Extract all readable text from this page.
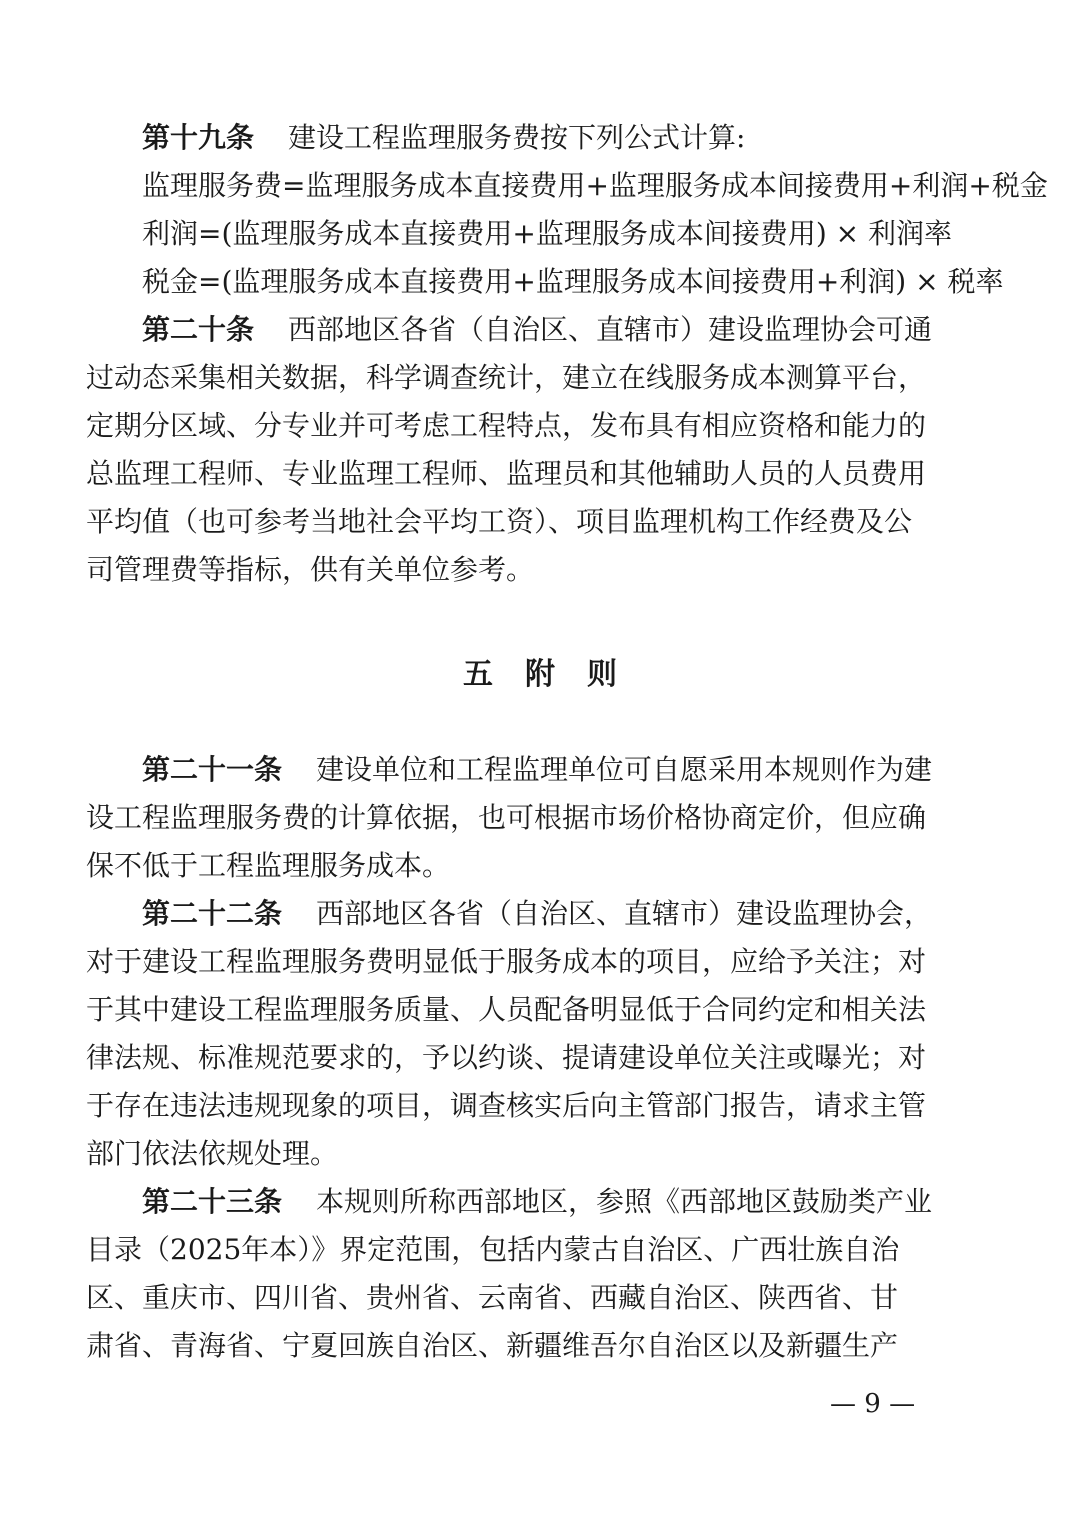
第十九条 建设工程监理服务费按下列公式计算:
监理服务费=监理服务成本直接费用+监理服务成本间接费用+利润+税金
利润=(监理服务成本直接费用+监理服务成本间接费用) × 利润率
税金=(监理服务成本直接费用+监理服务成本间接费用+利润) × 税率
第二十条 西部地区各省（自治区、直辖市）建设监理协会可通
过动态采集相关数据，科学调查统计，建立在线服务成本测算平台，
定期分区域、分专业并可考虑工程特点，发布具有相应资格和能力的
总监理工程师、专业监理工程师、监理员和其他辅助人员的人员费用
平均值（也可参考当地社会平均工资）、项目监理机构工作经费及公
司管理费等指标，供有关单位参考。
五附则
第二十一条 建设单位和工程监理单位可自愿采用本规则作为建
设工程监理服务费的计算依据，也可根据市场价格协商定价，但应确
保不低于工程监理服务成本。
第二十二条 西部地区各省（自治区、直辖市）建设监理协会，
对于建设工程监理服务费明显低于服务成本的项目，应给予关注；对
于其中建设工程监理服务质量、人员配备明显低于合同约定和相关法
律法规、标准规范要求的，予以约谈、提请建设单位关注或曝光；对
于存在违法违规现象的项目，调查核实后向主管部门报告，请求主管
部门依法依规处理。
第二十三条 本规则所称西部地区，参照《西部地区鼓励类产业
目录（2025年本）》界定范围，包括内蒙古自治区、广西壮族自治
区、重庆市、四川省、贵州省、云南省、西藏自治区、陕西省、甘
肃省、青海省、宁夏回族自治区、新疆维吾尔自治区以及新疆生产
— 9 —
